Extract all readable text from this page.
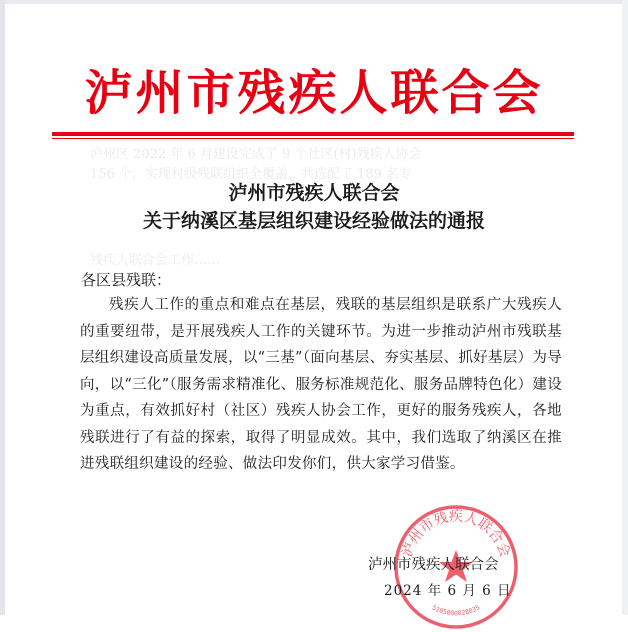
泸州市残疾人联合会
泸州区 2022 年 6 月建设完成了 9 个社区(村)残疾人协会
156 个，实现村级残联组织全覆盖，共选配了 189 名专
残疾人联合会工作……
泸州市残疾人联合会
关于纳溪区基层组织建设经验做法的通报
各区县残联：
残疾人工作的重点和难点在基层，残联的基层组织是联系广大残疾人的重要纽带，是开展残疾人工作的关键环节。为进一步推动泸州市残联基层组织建设高质量发展，以“三基”（面向基层、夯实基层、抓好基层）为导向，以“三化”（服务需求精准化、服务标准规范化、服务品牌特色化）建设为重点，有效抓好村（社区）残疾人协会工作，更好的服务残疾人，各地残联进行了有益的探索，取得了明显成效。其中，我们选取了纳溪区在推进残联组织建设的经验、做法印发你们，供大家学习借鉴。
泸州市残疾人联合会
5105000028035
泸州市残疾人联合会
2024 年 6 月 6 日
